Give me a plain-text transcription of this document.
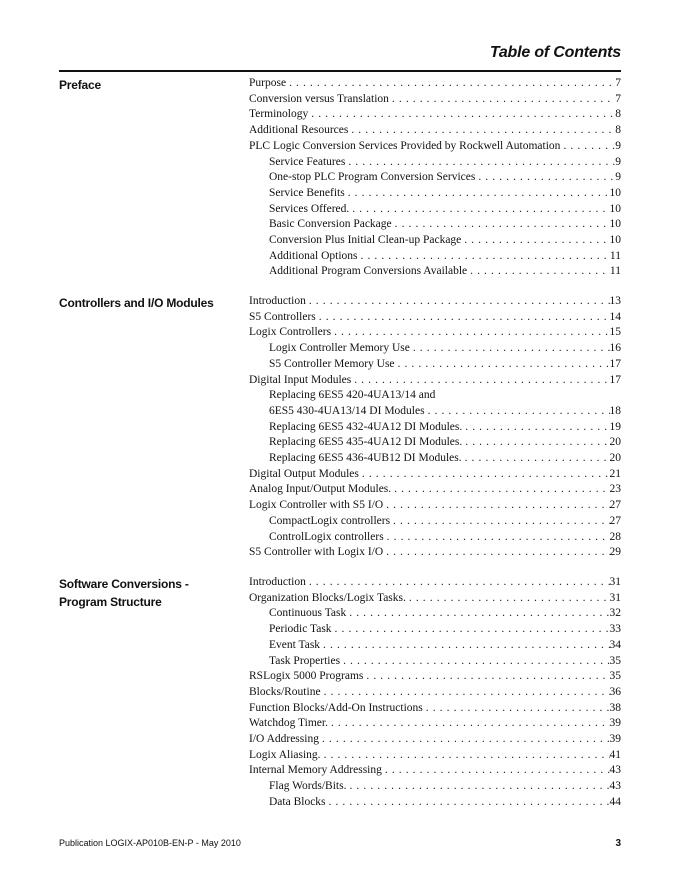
Table of Contents
Preface	Purpose . . .	7
Conversion versus Translation . . .	7
Terminology . . .	8
Additional Resources . . .	8
PLC Logic Conversion Services Provided by Rockwell Automation . . .	9
Service Features . . .	9
One-stop PLC Program Conversion Services . . .	9
Service Benefits . . .	10
Services Offered. . . .	10
Basic Conversion Package . . .	10
Conversion Plus Initial Clean-up Package . . .	10
Additional Options . . .	11
Additional Program Conversions Available . . .	11
Controllers and I/O Modules	Introduction . . .	13
S5 Controllers . . .	14
Logix Controllers . . .	15
Logix Controller Memory Use . . .	16
S5 Controller Memory Use . . .	17
Digital Input Modules . . .	17
Replacing 6ES5 420-4UA13/14 and
6ES5 430-4UA13/14 DI Modules . . .	18
Replacing 6ES5 432-4UA12 DI Modules. . . .	19
Replacing 6ES5 435-4UA12 DI Modules. . . .	20
Replacing 6ES5 436-4UB12 DI Modules. . . .	20
Digital Output Modules . . .	21
Analog Input/Output Modules. . . .	23
Logix Controller with S5 I/O . . .	27
CompactLogix controllers . . .	27
ControlLogix controllers . . .	28
S5 Controller with Logix I/O . . .	29
Software Conversions - Program Structure
Introduction . . .	31
Organization Blocks/Logix Tasks. . . .	31
Continuous Task . . .	32
Periodic Task . . .	33
Event Task . . .	34
Task Properties . . .	35
RSLogix 5000 Programs . . .	35
Blocks/Routine . . .	36
Function Blocks/Add-On Instructions . . .	38
Watchdog Timer. . . .	39
I/O Addressing . . .	39
Logix Aliasing. . . .	41
Internal Memory Addressing . . .	43
Flag Words/Bits. . . .	43
Data Blocks . . .	44
Publication LOGIX-AP010B-EN-P - May 2010	3
